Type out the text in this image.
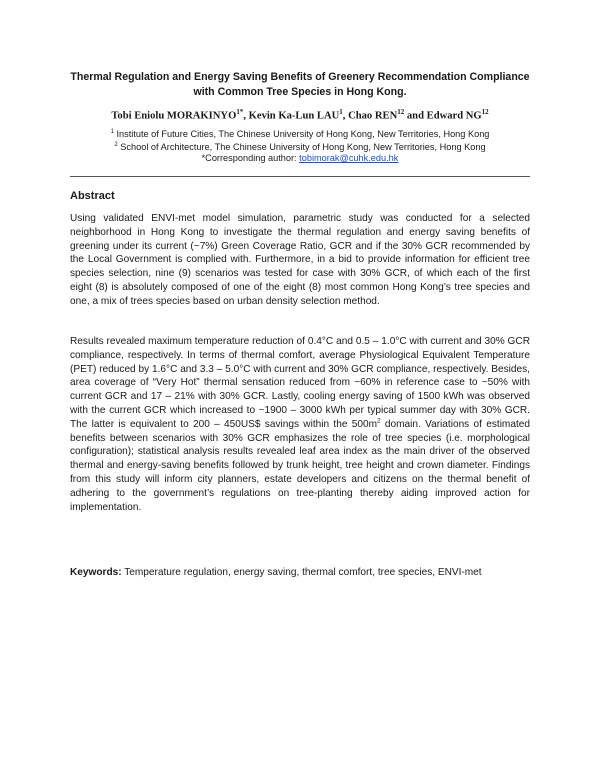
Thermal Regulation and Energy Saving Benefits of Greenery Recommendation Compliance with Common Tree Species in Hong Kong.
Tobi Eniolu $MORAKINYO^{1*}$, Kevin Ka-Lun LAU$^1$, Chao REN$^{12}$ and Edward NG$^{12}$
$^1$ Institute of Future Cities, The Chinese University of Hong Kong, New Territories, Hong Kong
$^2$ School of Architecture, The Chinese University of Hong Kong, New Territories, Hong Kong
*Corresponding author: tobimorak@cuhk.edu.hk
Abstract

Using validated ENVI-met model simulation, parametric study was conducted for a selected neighborhood in Hong Kong to investigate the thermal regulation and energy saving benefits of greening under its current (~7%) Green Coverage Ratio, GCR and if the 30% GCR recommended by the Local Government is complied with. Furthermore, in a bid to provide information for efficient tree species selection, nine (9) scenarios was tested for case with 30% GCR, of which each of the first eight (8) is absolutely composed of one of the eight (8) most common Hong Kong’s tree species and one, a mix of trees species based on urban density selection method.

Results revealed maximum temperature reduction of 0.4°C and 0.5 – 1.0°C with current and 30% GCR compliance, respectively. In terms of thermal comfort, average Physiological Equivalent Temperature (PET) reduced by 1.6°C and 3.3 – 5.0°C with current and 30% GCR compliance, respectively. Besides, area coverage of “Very Hot” thermal sensation reduced from ~60% in reference case to ~50% with current GCR and 17 – 21% with 30% GCR. Lastly, cooling energy saving of 1500 kWh was observed with the current GCR which increased to ~1900 – 3000 kWh per typical summer day with 30% GCR. The latter is equivalent to 200 – 450US$ savings within the $500m^2$ domain. Variations of estimated benefits between scenarios with 30% GCR emphasizes the role of tree species (i.e. morphological configuration); statistical analysis results revealed leaf area index as the main driver of the observed thermal and energy-saving benefits followed by trunk height, tree height and crown diameter. Findings from this study will inform city planners, estate developers and citizens on the thermal benefit of adhering to the government’s regulations on tree-planting thereby aiding improved action for implementation.

Keywords: Temperature regulation, energy saving, thermal comfort, tree species, ENVI-met
